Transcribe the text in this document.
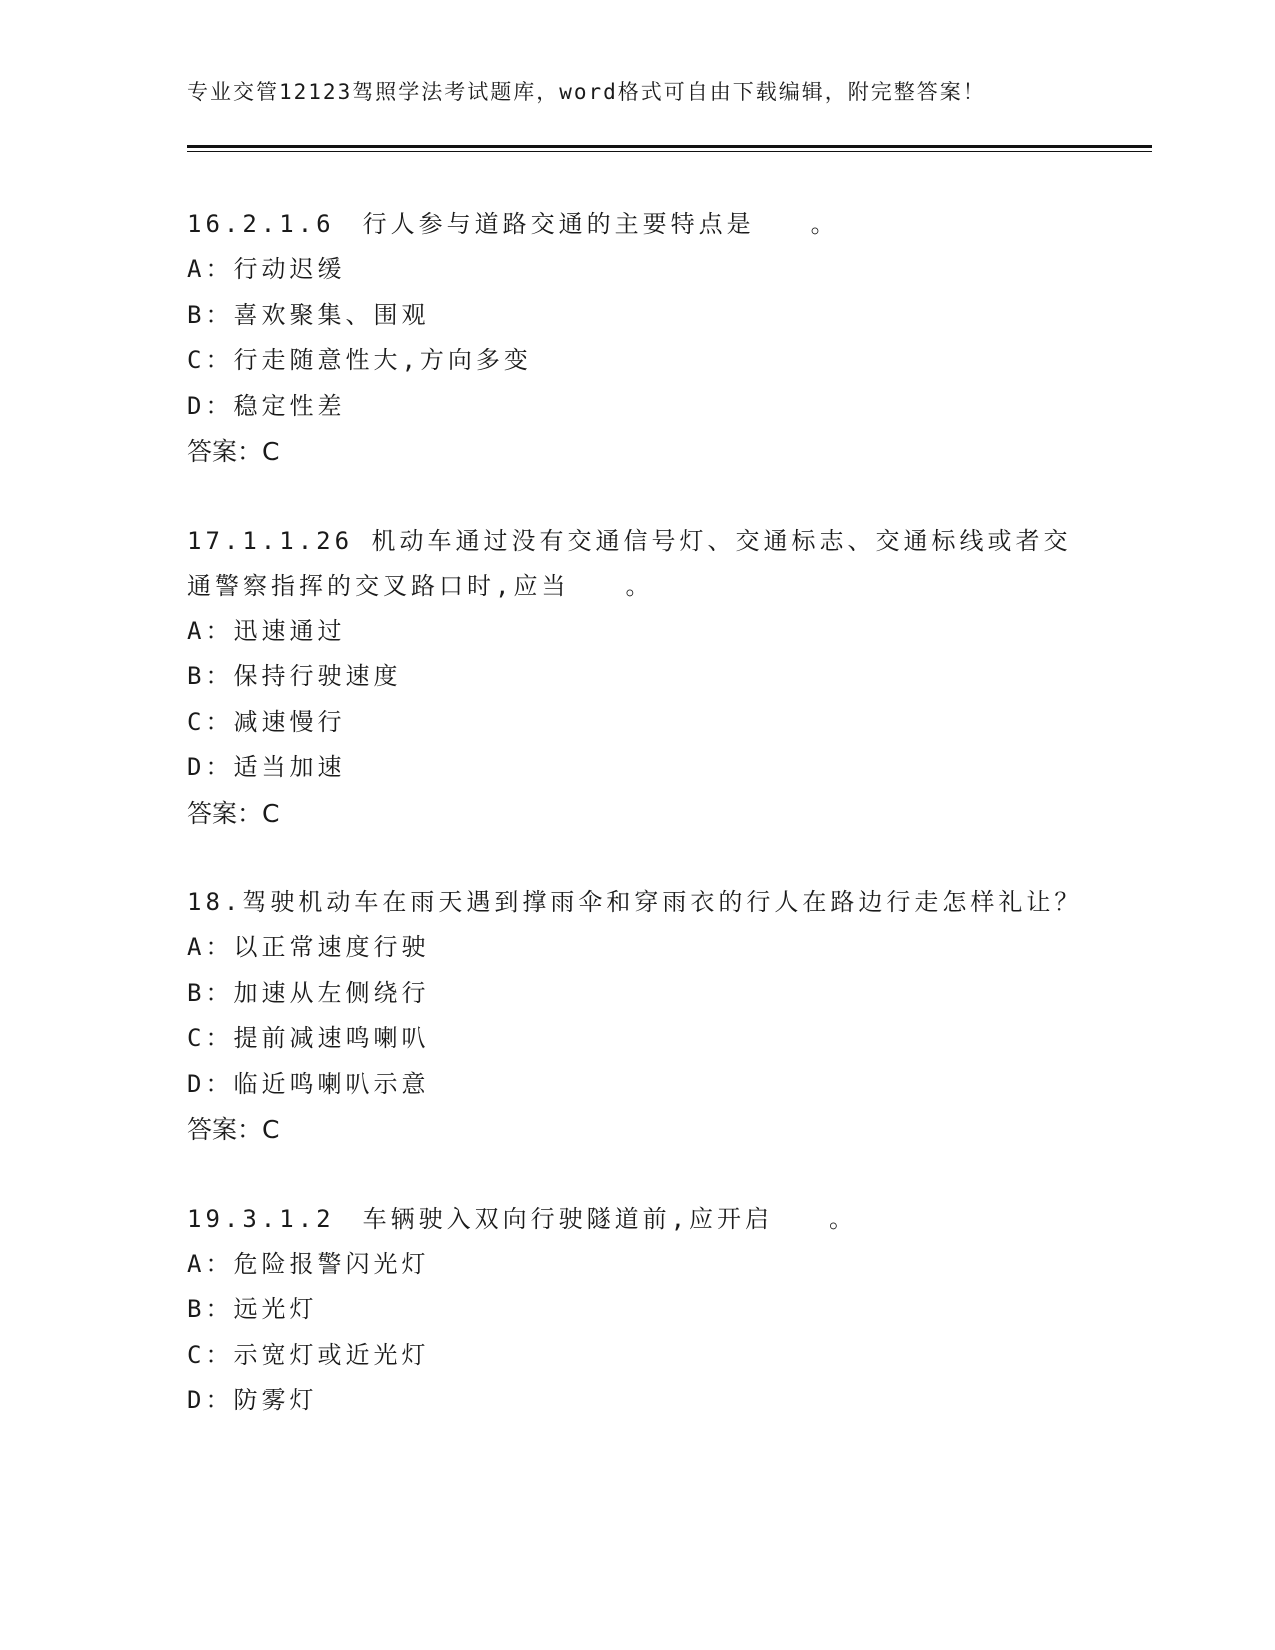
专业交管12123驾照学法考试题库，word格式可自由下载编辑，附完整答案！
16.2.1.6　行人参与道路交通的主要特点是　　。
A：行动迟缓
B：喜欢聚集、围观
C：行走随意性大,方向多变
D：稳定性差
答案：C
17.1.1.26 机动车通过没有交通信号灯、交通标志、交通标线或者交通警察指挥的交叉路口时,应当　　。
A：迅速通过
B：保持行驶速度
C：减速慢行
D：适当加速
答案：C
18.驾驶机动车在雨天遇到撑雨伞和穿雨衣的行人在路边行走怎样礼让？
A：以正常速度行驶
B：加速从左侧绕行
C：提前减速鸣喇叭
D：临近鸣喇叭示意
答案：C
19.3.1.2　车辆驶入双向行驶隧道前,应开启　　。
A：危险报警闪光灯
B：远光灯
C：示宽灯或近光灯
D：防雾灯
